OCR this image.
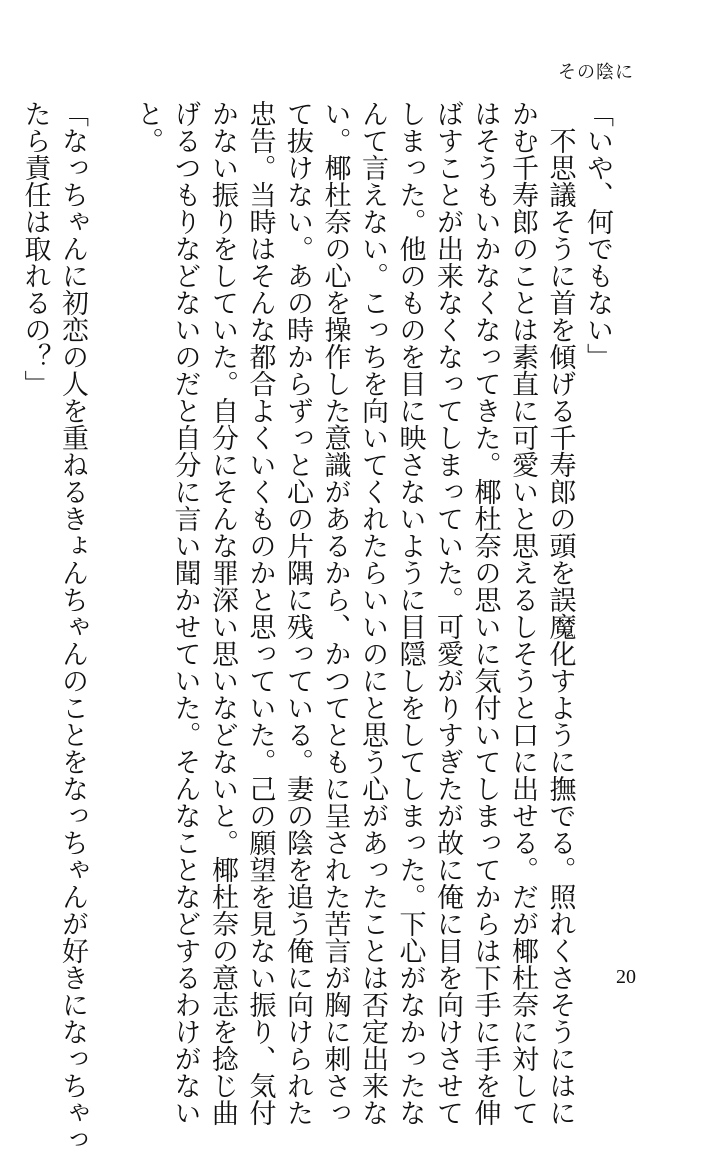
その陰に
「いや、何でもない」
　不思議そうに首を傾げる千寿郎の頭を誤魔化すように撫でる。照れくさそうにはに
かむ千寿郎のことは素直に可愛いと思えるしそうと口に出せる。だが椰杜奈に対して
はそうもいかなくなってきた。椰杜奈の思いに気付いてしまってからは下手に手を伸
ばすことが出来なくなってしまっていた。可愛がりすぎたが故に俺に目を向けさせて
しまった。他のものを目に映さないように目隠しをしてしまった。下心がなかったな
んて言えない。こっちを向いてくれたらいいのにと思う心があったことは否定出来な
い。椰杜奈の心を操作した意識があるから、かつてともに呈された苦言が胸に刺さっ
て抜けない。あの時からずっと心の片隅に残っている。妻の陰を追う俺に向けられた
忠告。当時はそんな都合よくいくものかと思っていた。己の願望を見ない振り、気付
かない振りをしていた。自分にそんな罪深い思いなどないと。椰杜奈の意志を捻じ曲
げるつもりなどないのだと自分に言い聞かせていた。そんなことなどするわけがない
と。
「なっちゃんに初恋の人を重ねるきょんちゃんのことをなっちゃんが好きになっちゃっ
たら責任は取れるの？」
20
